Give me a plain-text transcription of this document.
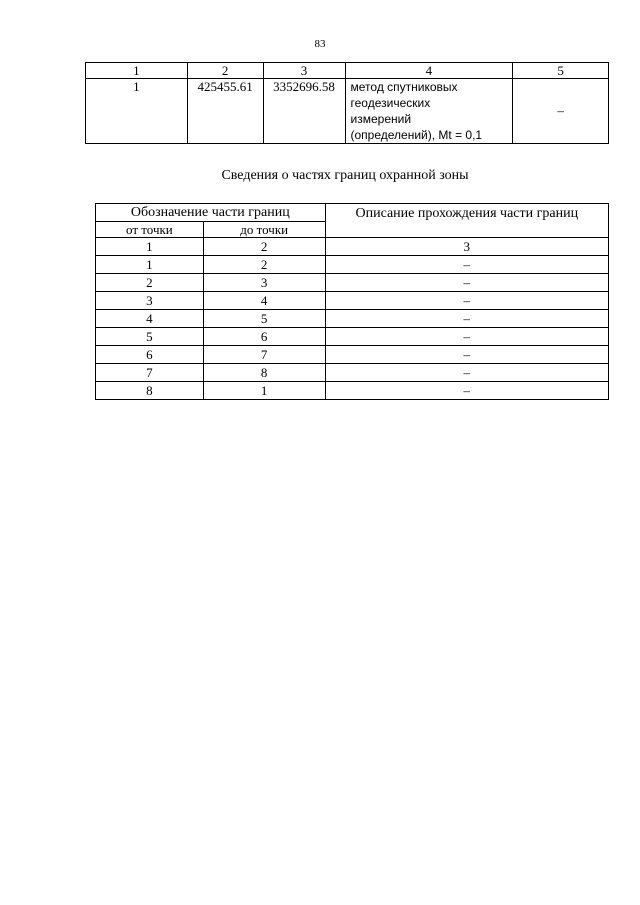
83
1	2	3	4	5
1	425455.61	3352696.58	метод спутниковых
геодезических
измерений
(определений), Mt = 0,1	–
Сведения о частях границ охранной зоны
Обозначение части границ		Описание прохождения части границ
от точки	до точки	
1	2	3
1	2	–
2	3	–
3	4	–
4	5	–
5	6	–
6	7	–
7	8	–
8	1	–
